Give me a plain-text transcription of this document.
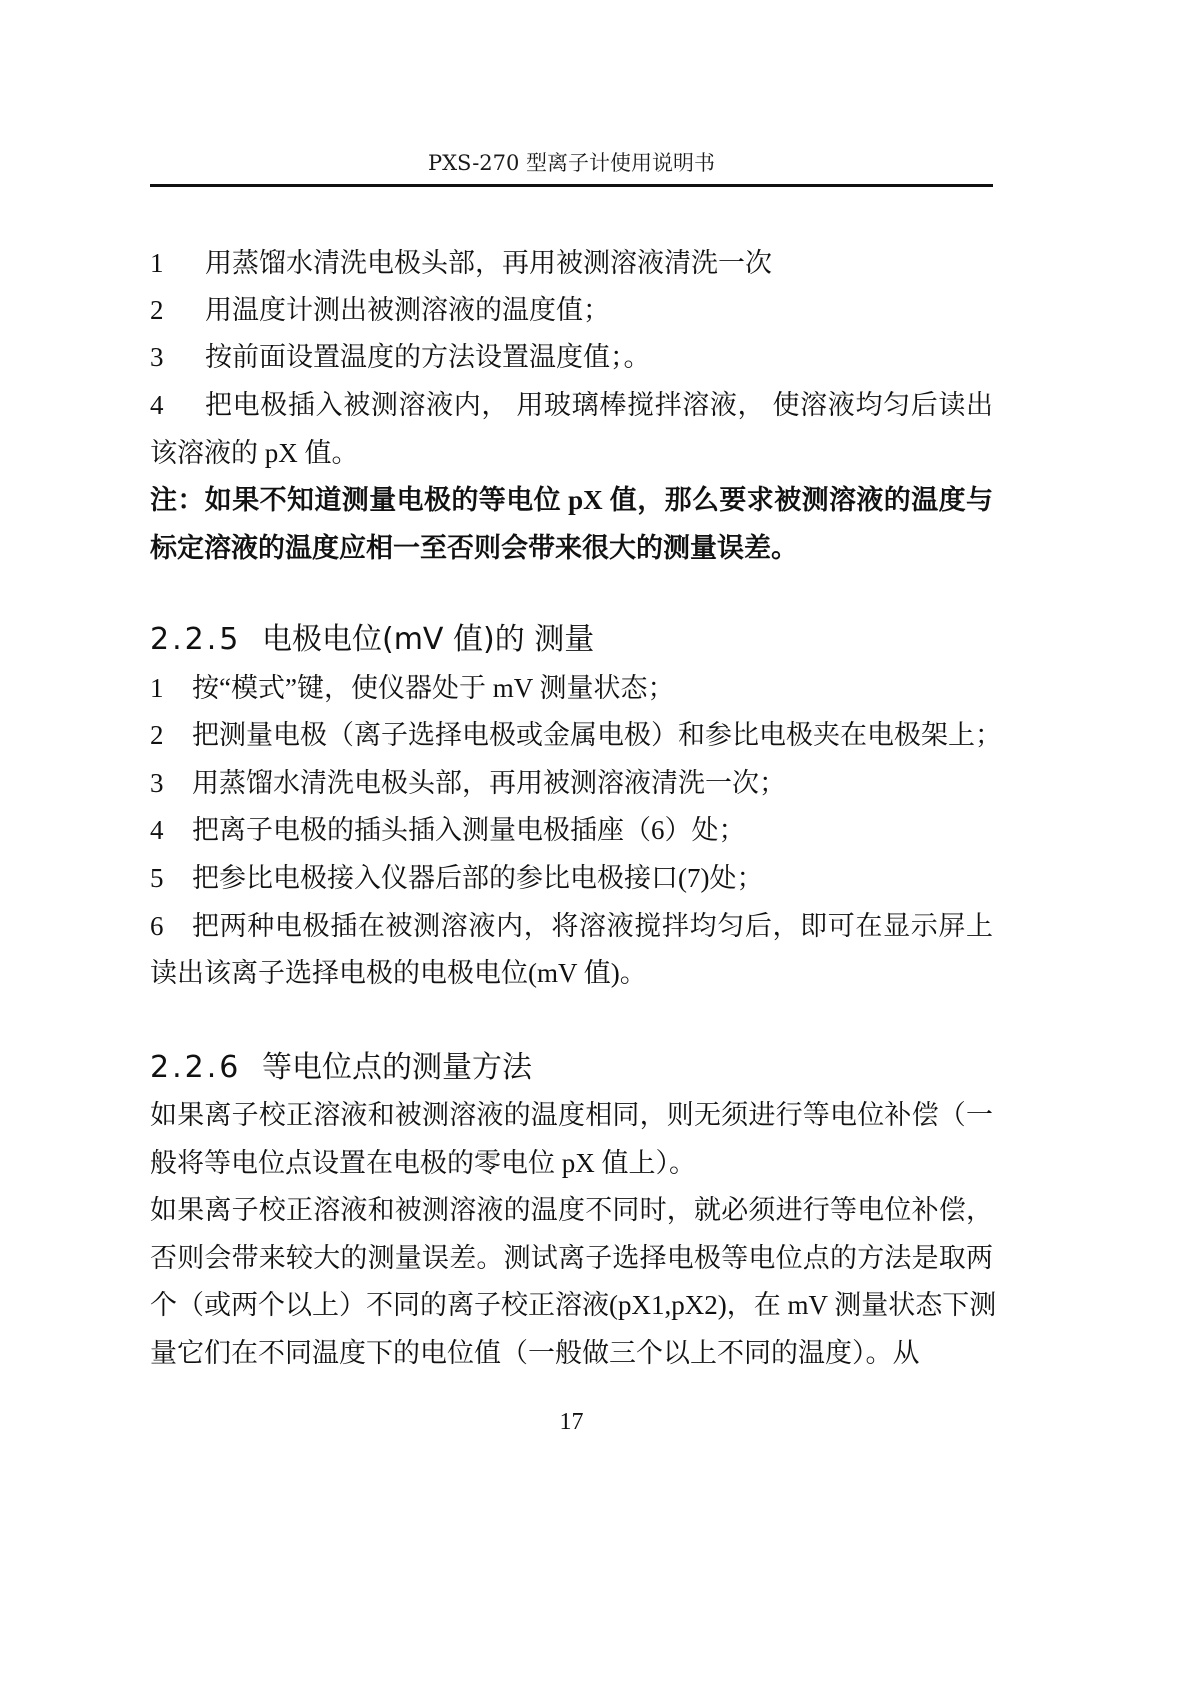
PXS-270 型离子计使用说明书
1 用蒸馏水清洗电极头部，再用被测溶液清洗一次
2 用温度计测出被测溶液的温度值；
3 按前面设置温度的方法设置温度值；。
4 把电极插入被测溶液内， 用玻璃棒搅拌溶液， 使溶液均匀后读出
该溶液的 pX 值。
注：如果不知道测量电极的等电位 pX 值，那么要求被测溶液的温度与
标定溶液的温度应相一至否则会带来很大的测量误差。
2.2.5 电极电位(mV 值)的 测量
1 按“模式”键，使仪器处于 mV 测量状态；
2 把测量电极（离子选择电极或金属电极）和参比电极夹在电极架上；
3 用蒸馏水清洗电极头部，再用被测溶液清洗一次；
4 把离子电极的插头插入测量电极插座（6）处；
5 把参比电极接入仪器后部的参比电极接口(7)处；
6 把两种电极插在被测溶液内，将溶液搅拌均匀后，即可在显示屏上
读出该离子选择电极的电极电位(mV 值)。
2.2.6 等电位点的测量方法
如果离子校正溶液和被测溶液的温度相同，则无须进行等电位补偿（一
般将等电位点设置在电极的零电位 pX 值上）。
如果离子校正溶液和被测溶液的温度不同时，就必须进行等电位补偿，
否则会带来较大的测量误差。测试离子选择电极等电位点的方法是取两
个（或两个以上）不同的离子校正溶液(pX1,pX2)，在 mV 测量状态下测
量它们在不同温度下的电位值（一般做三个以上不同的温度）。从
17
